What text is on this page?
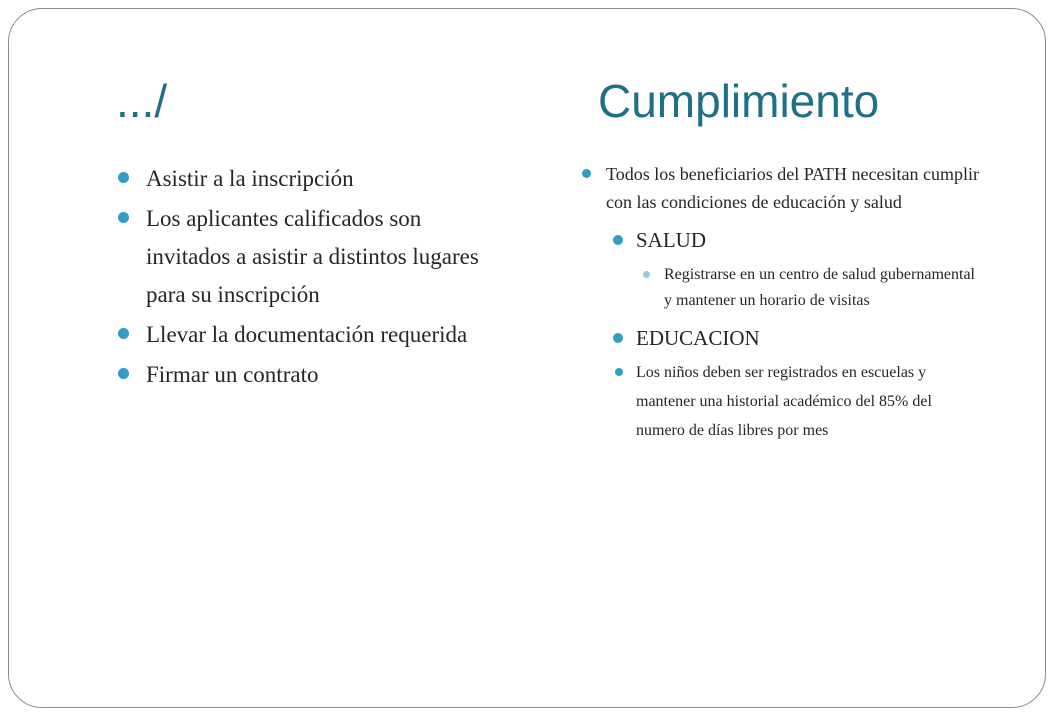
.../	Cumplimiento
Asistir a la inscripción
Los aplicantes calificados son invitados a asistir a distintos lugares para su inscripción
Llevar la documentación requerida
Firmar un contrato
Todos los beneficiarios del PATH necesitan cumplir con las condiciones de educación y salud
SALUD
Registrarse en un centro de salud gubernamental y mantener un horario de visitas
EDUCACION
Los niños deben ser registrados en escuelas y mantener una historial académico del 85% del numero de días libres por mes
